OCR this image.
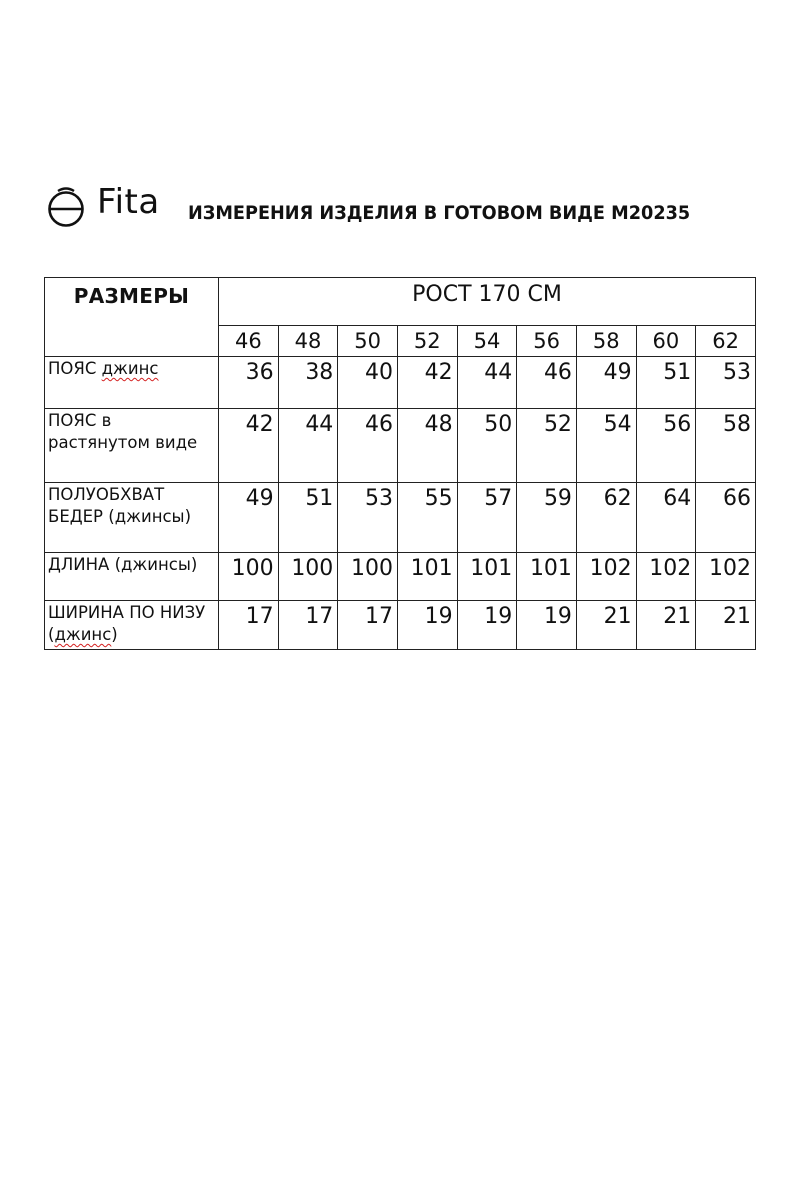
Fita ИЗМЕРЕНИЯ ИЗДЕЛИЯ В ГОТОВОМ ВИДЕ М20235
РАЗМЕРЫ	РОСТ 170 СМ								
	46	48	50	52	54	56	58	60	62
ПОЯС джинс	36	38	40	42	44	46	49	51	53
ПОЯС в растянутом виде	42	44	46	48	50	52	54	56	58
ПОЛУОБХВАТ БЕДЕР (джинсы)	49	51	53	55	57	59	62	64	66
ДЛИНА (джинсы)	100	100	100	101	101	101	102	102	102
ШИРИНА ПО НИЗУ (джинс)	17	17	17	19	19	19	21	21	21
